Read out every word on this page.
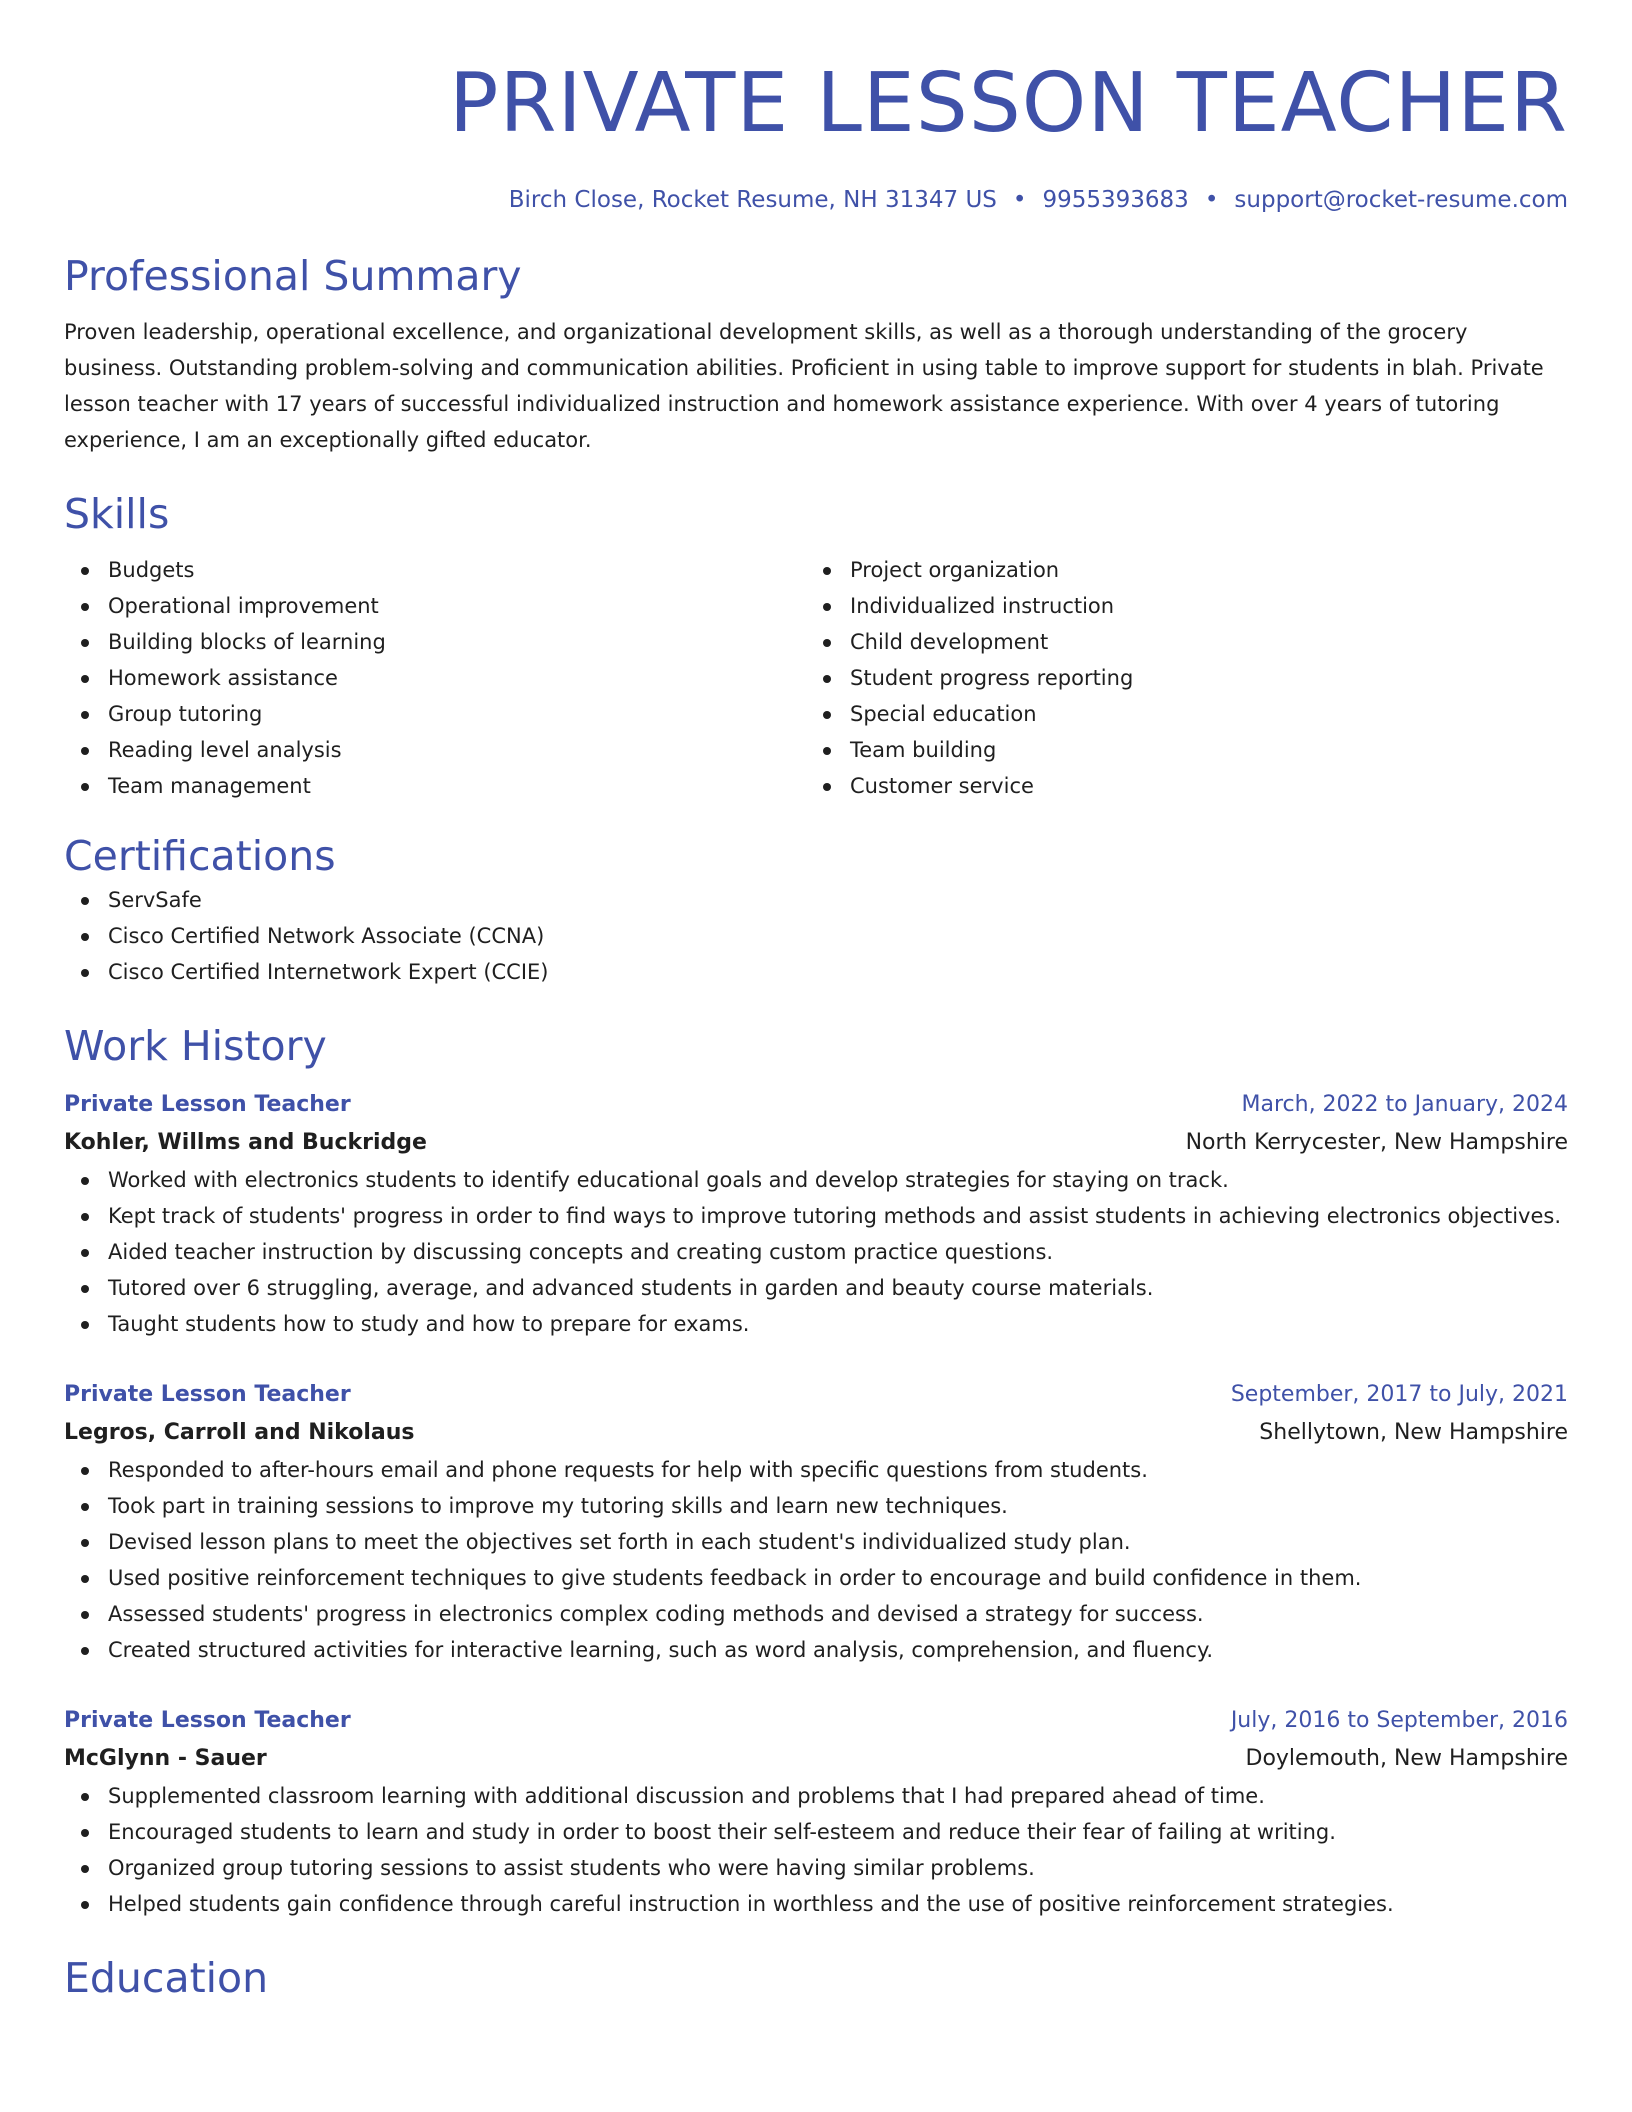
PRIVATE LESSON TEACHER
Birch Close, Rocket Resume, NH 31347 US • 9955393683 • support@rocket-resume.com
Professional Summary
Proven leadership, operational excellence, and organizational development skills, as well as a thorough understanding of the grocery business. Outstanding problem-solving and communication abilities. Proficient in using table to improve support for students in blah. Private lesson teacher with 17 years of successful individualized instruction and homework assistance experience. With over 4 years of tutoring experience, I am an exceptionally gifted educator.
Skills
Budgets
Operational improvement
Building blocks of learning
Homework assistance
Group tutoring
Reading level analysis
Team management
Project organization
Individualized instruction
Child development
Student progress reporting
Special education
Team building
Customer service
Certifications
ServSafe
Cisco Certified Network Associate (CCNA)
Cisco Certified Internetwork Expert (CCIE)
Work History
Private Lesson Teacher	March, 2022 to January, 2024
Kohler, Willms and Buckridge	North Kerrycester, New Hampshire
Worked with electronics students to identify educational goals and develop strategies for staying on track.
Kept track of students' progress in order to find ways to improve tutoring methods and assist students in achieving electronics objectives.
Aided teacher instruction by discussing concepts and creating custom practice questions.
Tutored over 6 struggling, average, and advanced students in garden and beauty course materials.
Taught students how to study and how to prepare for exams.
Private Lesson Teacher	September, 2017 to July, 2021
Legros, Carroll and Nikolaus	Shellytown, New Hampshire
Responded to after-hours email and phone requests for help with specific questions from students.
Took part in training sessions to improve my tutoring skills and learn new techniques.
Devised lesson plans to meet the objectives set forth in each student's individualized study plan.
Used positive reinforcement techniques to give students feedback in order to encourage and build confidence in them.
Assessed students' progress in electronics complex coding methods and devised a strategy for success.
Created structured activities for interactive learning, such as word analysis, comprehension, and fluency.
Private Lesson Teacher	July, 2016 to September, 2016
McGlynn - Sauer	Doylemouth, New Hampshire
Supplemented classroom learning with additional discussion and problems that I had prepared ahead of time.
Encouraged students to learn and study in order to boost their self-esteem and reduce their fear of failing at writing.
Organized group tutoring sessions to assist students who were having similar problems.
Helped students gain confidence through careful instruction in worthless and the use of positive reinforcement strategies.
Education
